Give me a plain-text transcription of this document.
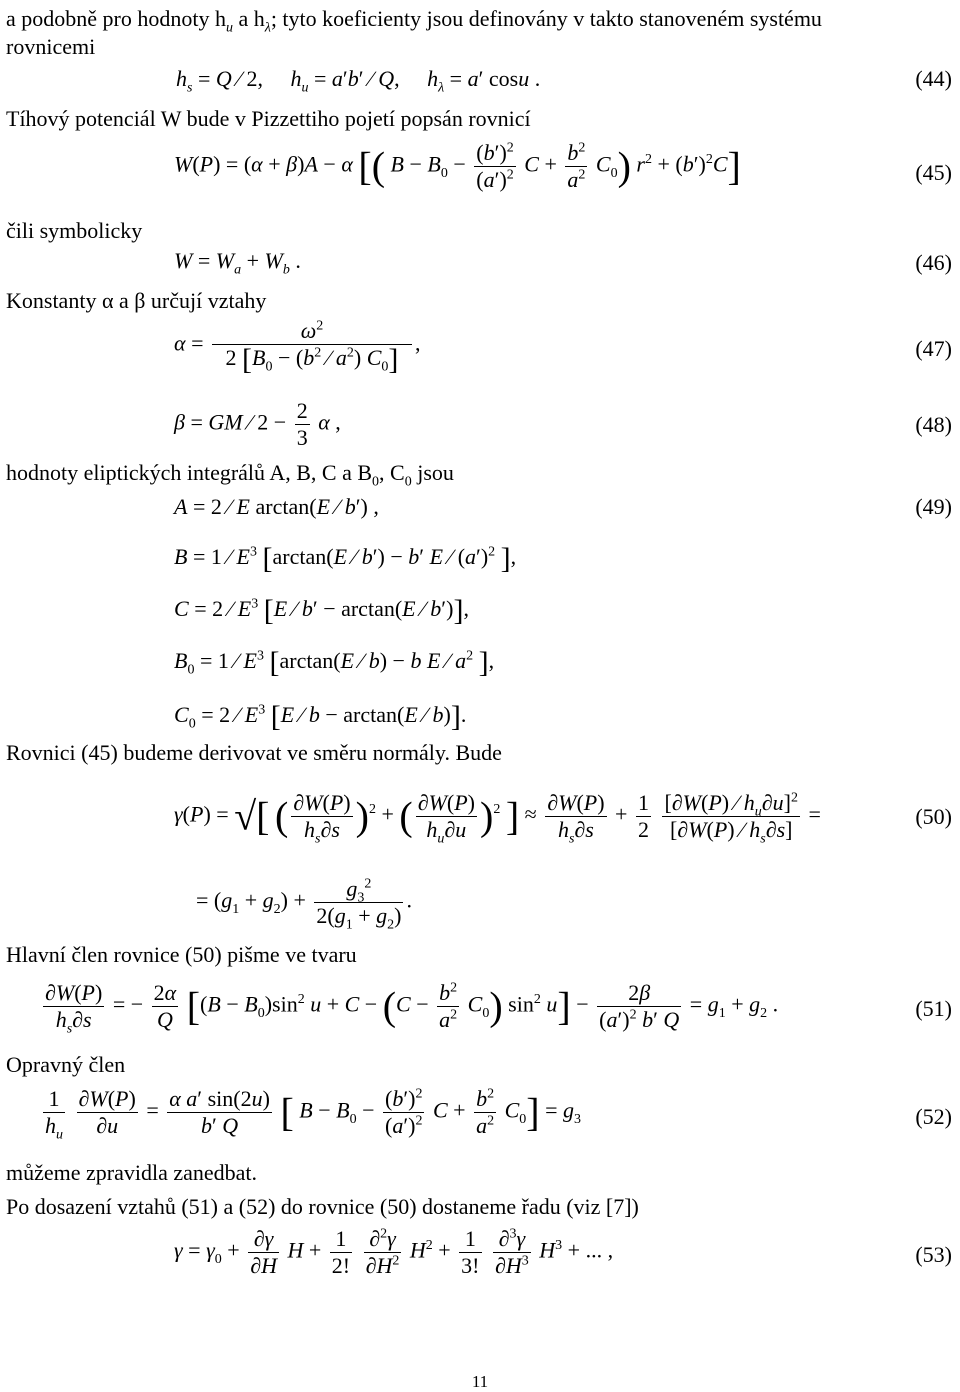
a podobně pro hodnoty $h_u$ a $h_\lambda$; tyto koeficienty jsou definovány v takto stanoveném systému
rovnicemi
$h_s = Q$ ∕ 2,     $h_u = a'b'$ ∕ Q,     $h_\lambda = a'$ cosu .	(44)
Tíhový potenciál W bude v Pizzettiho pojetí popsán rovnicí
W(P) = (α + β)A − α [( $B - B_0 - \frac{(b')^2}{(a')^2}$ $C + \frac{b^2}{a^2} C_0$) $r^2 + (b')^2C$]	(45)
čili symbolicky
$W = W_a + W_b$ .	(46)
Konstanty α a β určují vztahy
$\alpha = \frac{\omega^2}{2 [B_0 - (b^2 ∕ a^2) C_0]}$ ,	(47)
β = GM ∕ $2 - \frac{2}{3}$ α ,	(48)
hodnoty eliptických integrálů A, B, C a $B_0$, $C_0$ jsou
A = 2 ∕ E arctan(E ∕ b′) ,	(49)
B = 1 ∕ $E^3$ [arctan(E ∕ b′) − b′ E ∕ $(a')^2$ ],
C = 2 ∕ $E^3$ [E ∕ b′ − arctan(E ∕ b′)],
$B_0 = 1$ ∕ $E^3$ [arctan(E ∕ b) − b E ∕ $a^2$ ],
$C_0 = 2$ ∕ $E^3$ [E ∕ b − arctan(E ∕ b)].
Rovnici (45) budeme derivovat ve směru normály. Bude
γ(P) = √[ ( $\frac{\partial W(P)}{h_s\partial s} )^2$ + ( $\frac{\partial W(P)}{h_u\partial u} )^2$ ] ≈ $\frac{\partial W(P)}{h_s\partial s} + \frac{1}{2}$
$\frac{[\partial W(P) ∕ h_u\partial u]^2}{[\partial W(P) ∕ h_s\partial s]}$ =	(50)
= $(g_1 + g_2) + \frac{g_3^2}{2(g_1 + g_2)}$ .
Hlavní člen rovnice (50) pišme ve tvaru
$\frac{\partial W(P)}{h_s\partial s}$ = − $\frac{2\alpha}{Q} [(B - B_0)\sin^2$ $u + C - (C - \frac{b^2}{a^2} C_0)$ $\sin^2 u] - \frac{2\beta}{(a')^2 b' Q} = g_1 + g_2$ .	(51)
Opravný člen
$\frac{1}{h_u}$
$\frac{\partial W(P)}{\partial u} = \frac{\text{α a′ sin(2u)}}{b' Q}$ [ $B - B_0 - \frac{(b')^2}{(a')^2}$ $C + \frac{b^2}{a^2} C_0] = g_3$	(52)
můžeme zpravidla zanedbat.
Po dosazení vztahů (51) a (52) do rovnice (50) dostaneme řadu (viz [7])
$\gamma = \gamma_0 + \frac{\partial\gamma}{\partial H}$ $H + \frac{1}{2!}$
$\frac{\partial^2\gamma}{\partial H^2} H^2 + \frac{1}{3!}$
$\frac{\partial^3\gamma}{\partial H^3} H^3$ + ... ,	(53)
11
